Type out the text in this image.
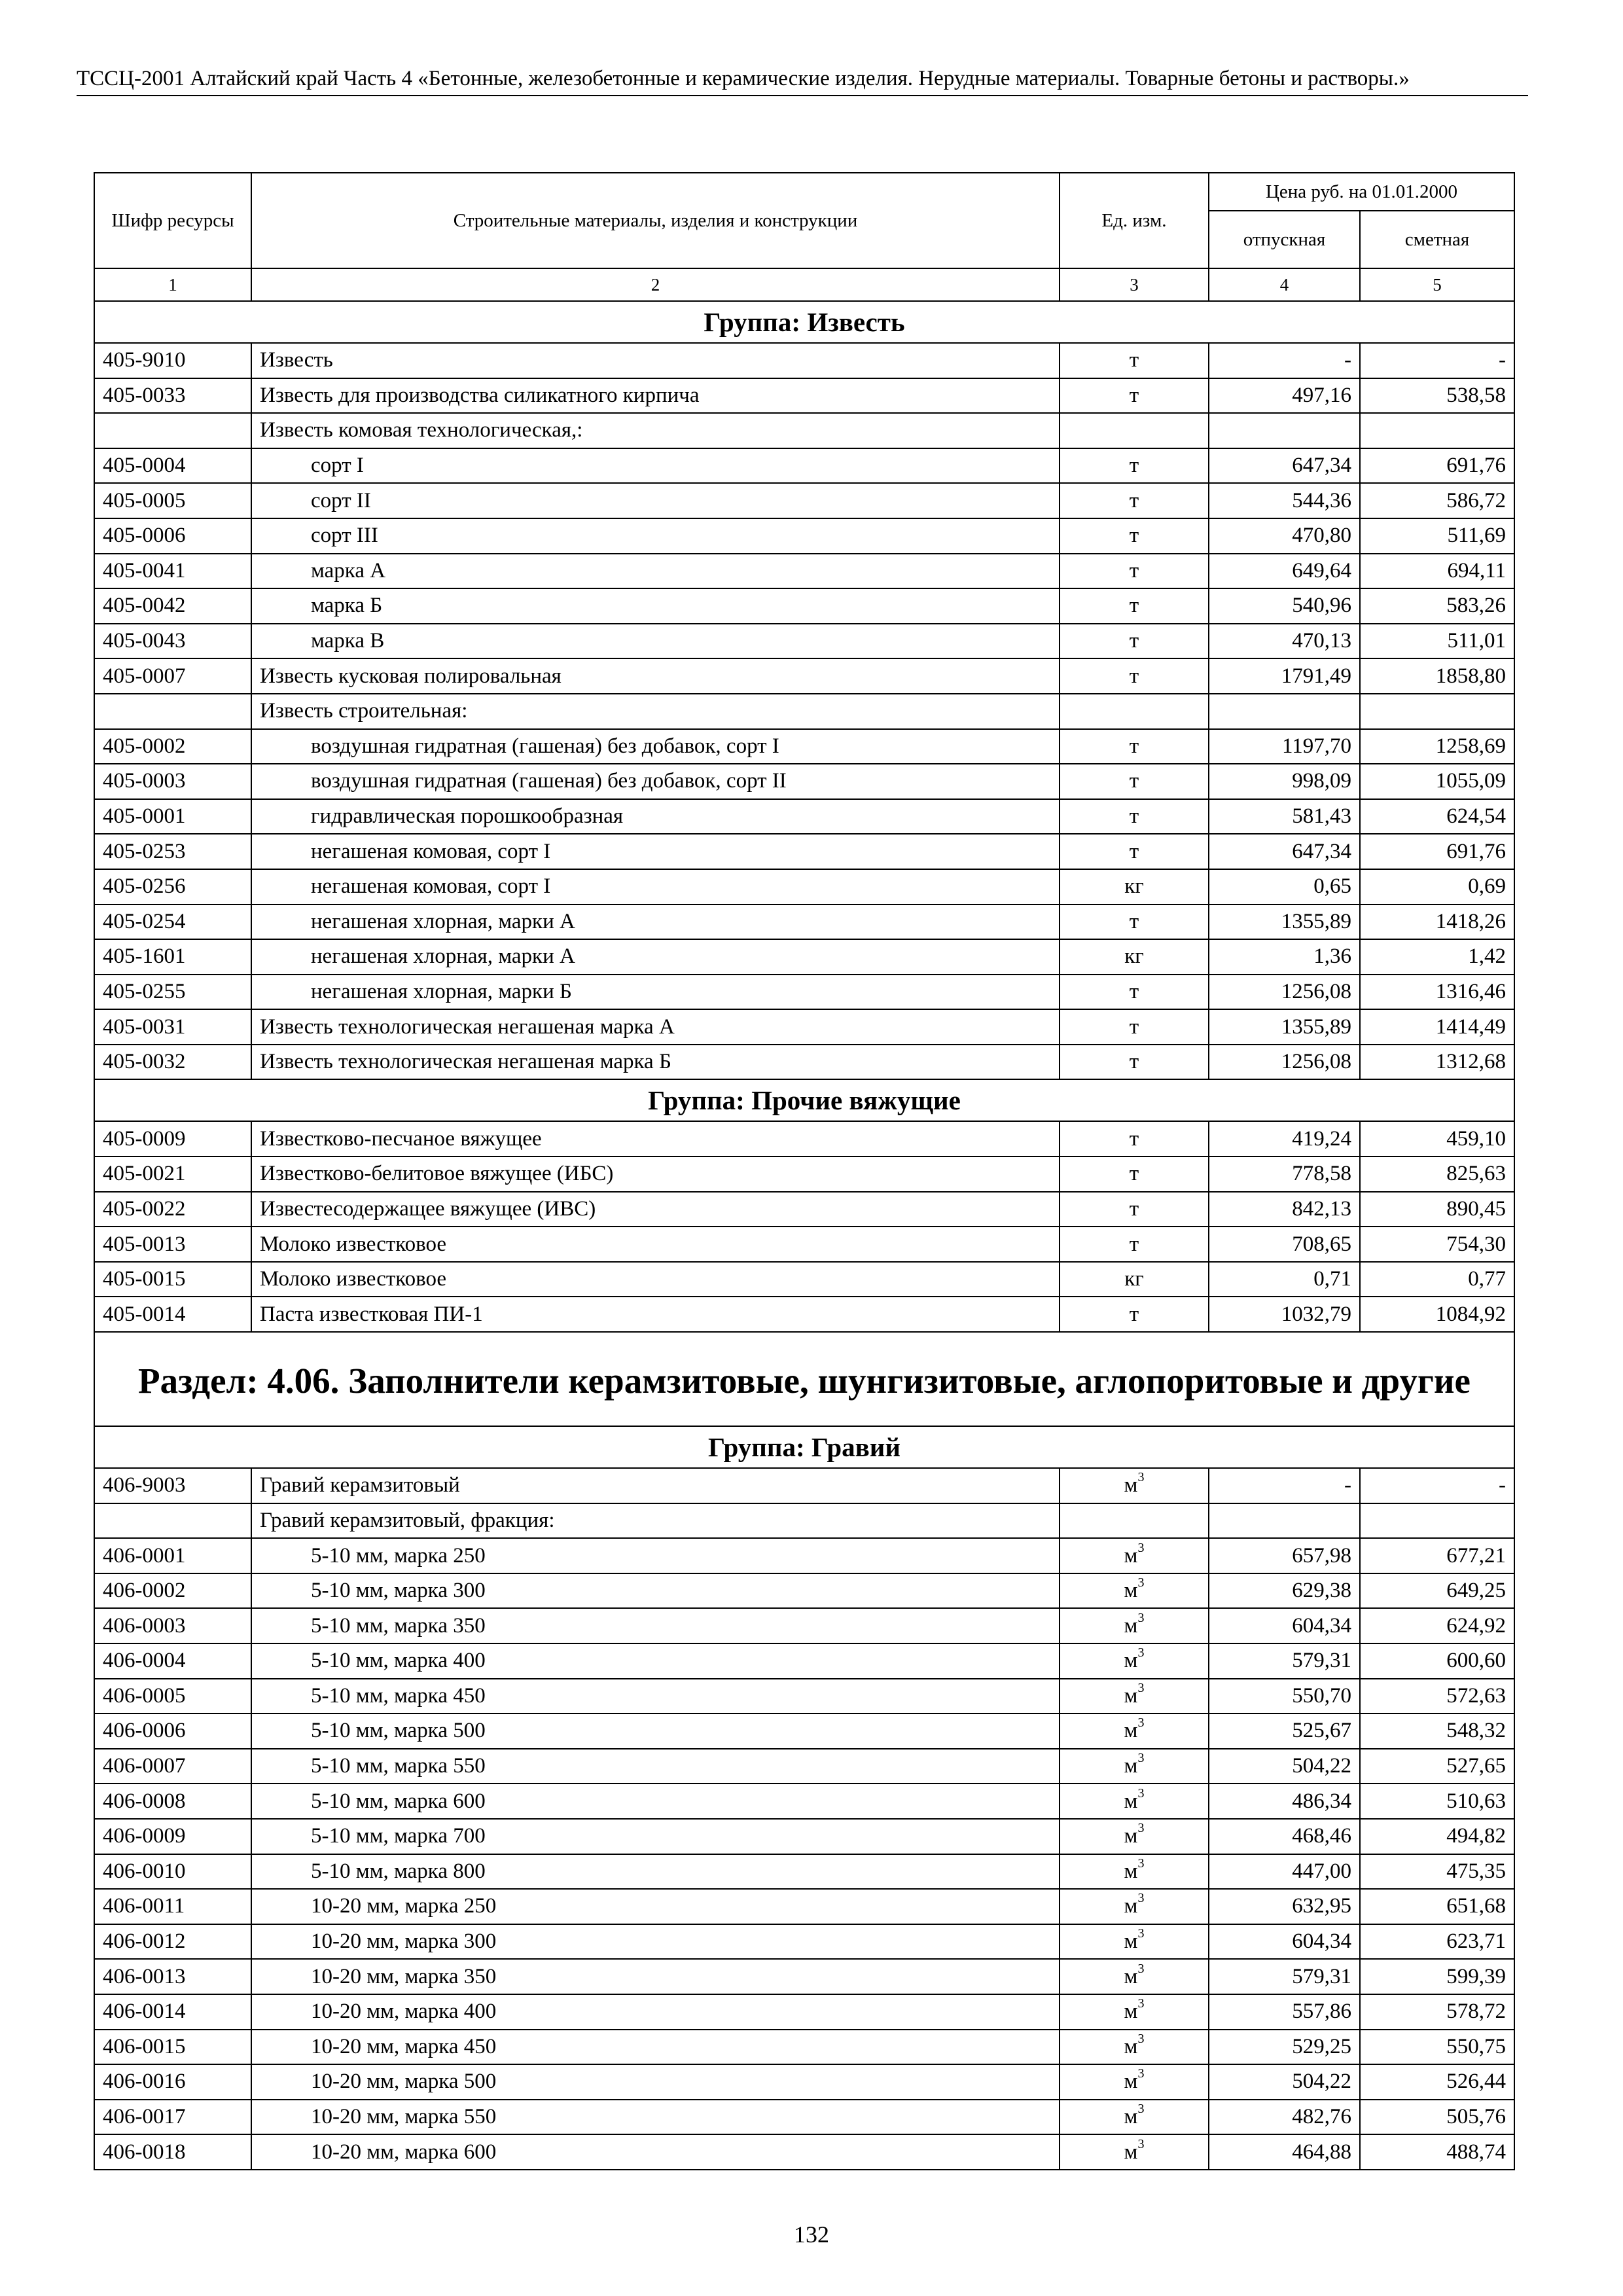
ТССЦ-2001 Алтайский край Часть 4 «Бетонные, железобетонные и керамические изделия. Нерудные материалы. Товарные бетоны и растворы.»
Шифр ресурсы	Строительные материалы, изделия и конструкции	Ед. изм.	Цена руб. на 01.01.2000	
			отпускная	сметная
1	2	3	4	5
Группа: Известь				
405-9010	Известь	т	-	-
405-0033	Известь для производства силикатного кирпича	т	497,16	538,58
	Известь комовая технологическая,:			
405-0004	сорт I	т	647,34	691,76
405-0005	сорт II	т	544,36	586,72
405-0006	сорт III	т	470,80	511,69
405-0041	марка А	т	649,64	694,11
405-0042	марка Б	т	540,96	583,26
405-0043	марка В	т	470,13	511,01
405-0007	Известь кусковая полировальная	т	1791,49	1858,80
	Известь строительная:			
405-0002	воздушная гидратная (гашеная) без добавок, сорт I	т	1197,70	1258,69
405-0003	воздушная гидратная (гашеная) без добавок, сорт II	т	998,09	1055,09
405-0001	гидравлическая порошкообразная	т	581,43	624,54
405-0253	негашеная комовая, сорт I	т	647,34	691,76
405-0256	негашеная комовая, сорт I	кг	0,65	0,69
405-0254	негашеная хлорная, марки А	т	1355,89	1418,26
405-1601	негашеная хлорная, марки А	кг	1,36	1,42
405-0255	негашеная хлорная, марки Б	т	1256,08	1316,46
405-0031	Известь технологическая негашеная марка А	т	1355,89	1414,49
405-0032	Известь технологическая негашеная марка Б	т	1256,08	1312,68
Группа: Прочие вяжущие				
405-0009	Известково-песчаное вяжущее	т	419,24	459,10
405-0021	Известково-белитовое вяжущее (ИБС)	т	778,58	825,63
405-0022	Известесодержащее вяжущее (ИВС)	т	842,13	890,45
405-0013	Молоко известковое	т	708,65	754,30
405-0015	Молоко известковое	кг	0,71	0,77
405-0014	Паста известковая ПИ-1	т	1032,79	1084,92
Раздел: 4.06. Заполнители керамзитовые, шунгизитовые, аглопоритовые и другие				
Группа: Гравий				
406-9003	Гравий керамзитовый	$м^3$	-	-
	Гравий керамзитовый, фракция:			
406-0001	5-10 мм, марка 250	$м^3$	657,98	677,21
406-0002	5-10 мм, марка 300	$м^3$	629,38	649,25
406-0003	5-10 мм, марка 350	$м^3$	604,34	624,92
406-0004	5-10 мм, марка 400	$м^3$	579,31	600,60
406-0005	5-10 мм, марка 450	$м^3$	550,70	572,63
406-0006	5-10 мм, марка 500	$м^3$	525,67	548,32
406-0007	5-10 мм, марка 550	$м^3$	504,22	527,65
406-0008	5-10 мм, марка 600	$м^3$	486,34	510,63
406-0009	5-10 мм, марка 700	$м^3$	468,46	494,82
406-0010	5-10 мм, марка 800	$м^3$	447,00	475,35
406-0011	10-20 мм, марка 250	$м^3$	632,95	651,68
406-0012	10-20 мм, марка 300	$м^3$	604,34	623,71
406-0013	10-20 мм, марка 350	$м^3$	579,31	599,39
406-0014	10-20 мм, марка 400	$м^3$	557,86	578,72
406-0015	10-20 мм, марка 450	$м^3$	529,25	550,75
406-0016	10-20 мм, марка 500	$м^3$	504,22	526,44
406-0017	10-20 мм, марка 550	$м^3$	482,76	505,76
406-0018	10-20 мм, марка 600	$м^3$	464,88	488,74
132
